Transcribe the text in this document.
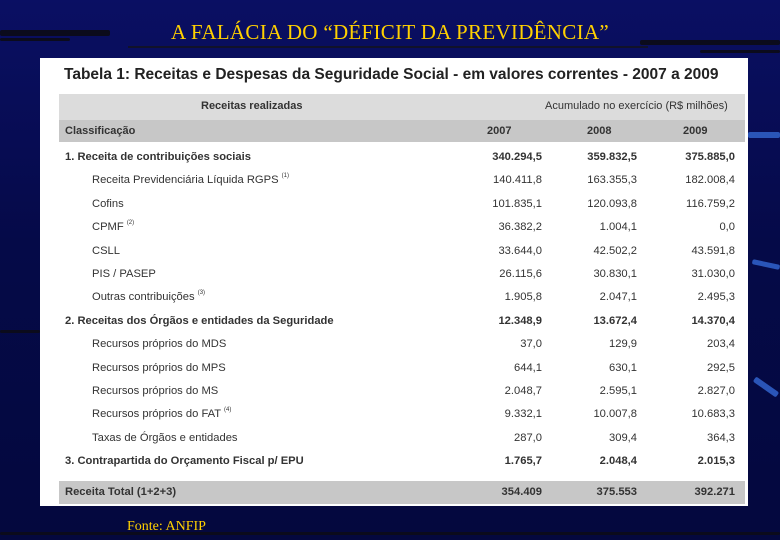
A FALÁCIA DO “DÉFICIT DA PREVIDÊNCIA”
Tabela 1: Receitas e Despesas da Seguridade Social - em valores correntes - 2007 a 2009
Receitas realizadas	Acumulado no exercício (R$ milhões)
Classificação	2007	2008	2009
1. Receita de contribuições sociais	340.294,5	359.832,5	375.885,0
Receita Previdenciária Líquida RGPS $^{(1)}$	140.411,8	163.355,3	182.008,4
Cofins	101.835,1	120.093,8	116.759,2
CPMF $^{(2)}$	36.382,2	1.004,1	0,0
CSLL	33.644,0	42.502,2	43.591,8
PIS / PASEP	26.115,6	30.830,1	31.030,0
Outras contribuições $^{(3)}$	1.905,8	2.047,1	2.495,3
2. Receitas dos Órgãos e entidades da Seguridade	12.348,9	13.672,4	14.370,4
Recursos próprios do MDS	37,0	129,9	203,4
Recursos próprios do MPS	644,1	630,1	292,5
Recursos próprios do MS	2.048,7	2.595,1	2.827,0
Recursos próprios do FAT $^{(4)}$	9.332,1	10.007,8	10.683,3
Taxas de Órgãos e entidades	287,0	309,4	364,3
3. Contrapartida do Orçamento Fiscal p/ EPU	1.765,7	2.048,4	2.015,3
Receita Total (1+2+3)	354.409	375.553	392.271
Fonte: ANFIP
